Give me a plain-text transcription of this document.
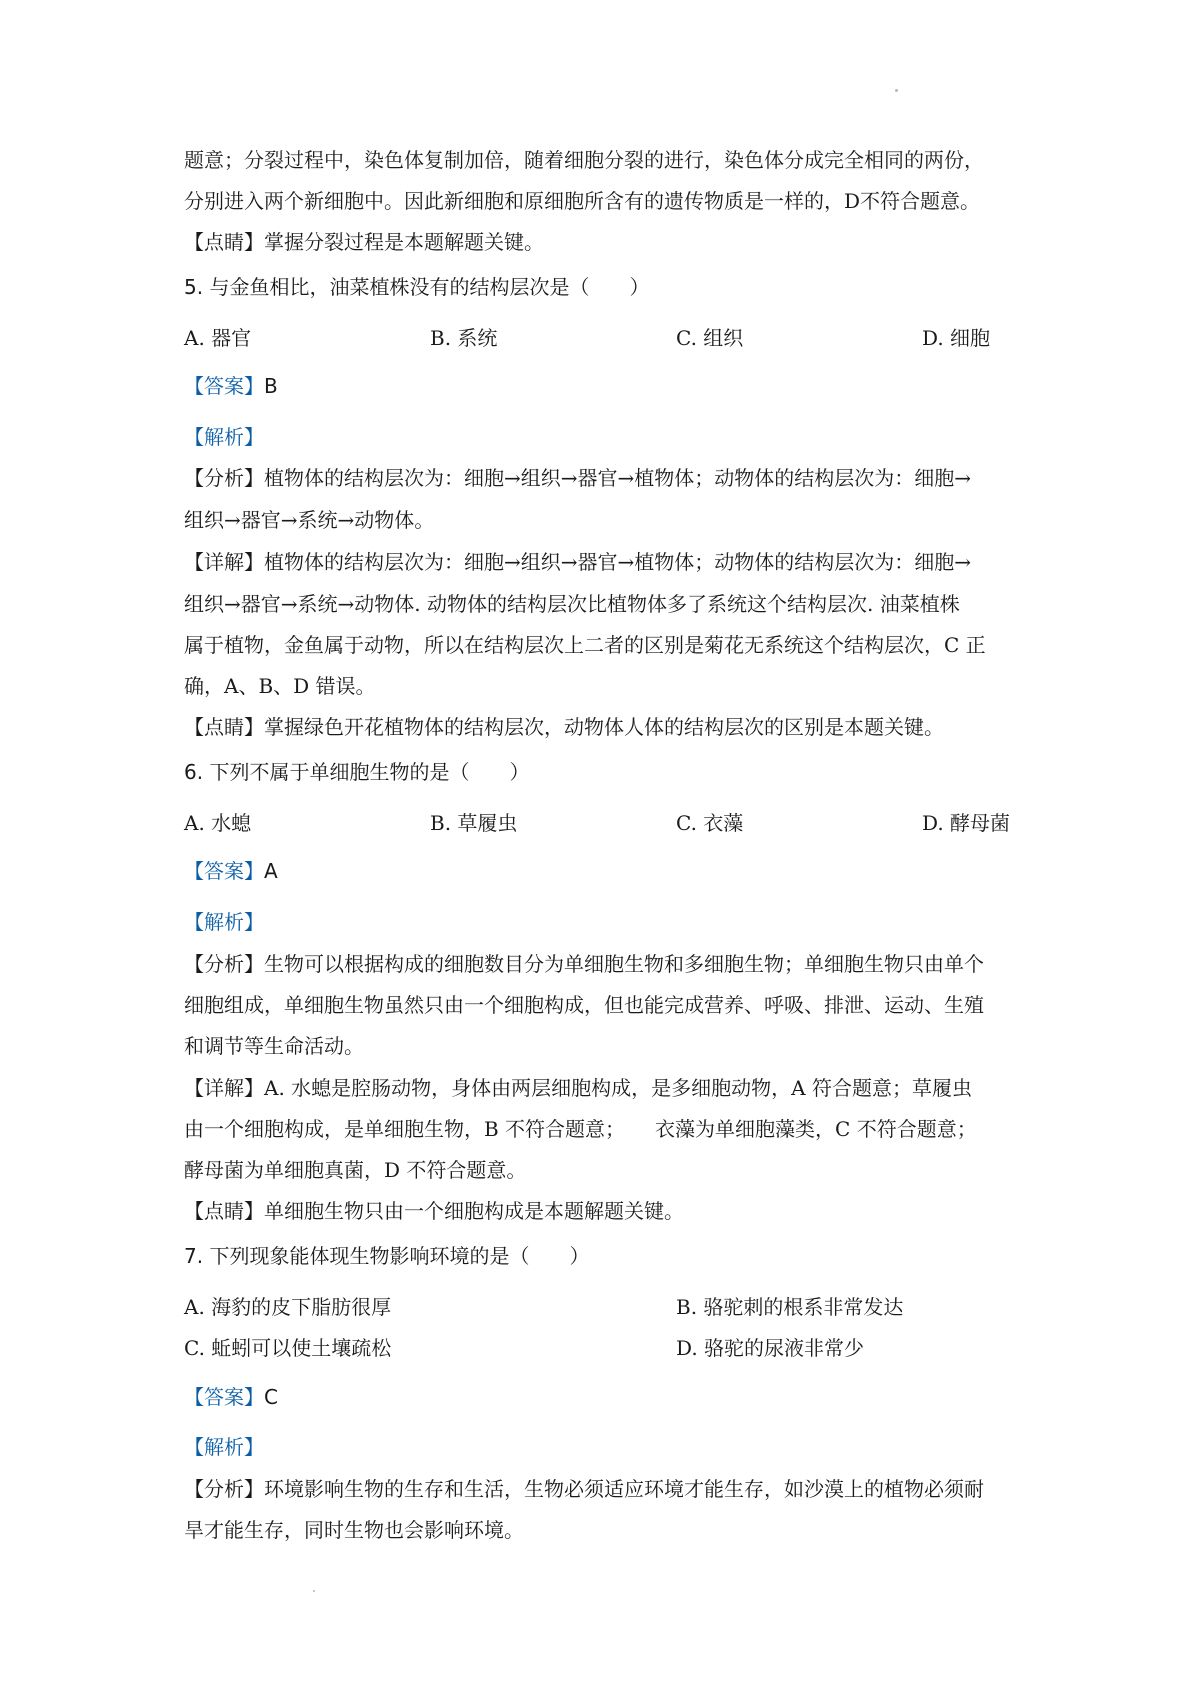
题意；分裂过程中，染色体复制加倍，随着细胞分裂的进行，染色体分成完全相同的两份，
分别进入两个新细胞中。因此新细胞和原细胞所含有的遗传物质是一样的，D不符合题意。
【点睛】掌握分裂过程是本题解题关键。
5. 与金鱼相比，油菜植株没有的结构层次是（　　）
A. 器官	B. 系统	C. 组织	D. 细胞
【答案】B
【解析】
【分析】植物体的结构层次为：细胞→组织→器官→植物体；动物体的结构层次为：细胞→
组织→器官→系统→动物体。
【详解】植物体的结构层次为：细胞→组织→器官→植物体；动物体的结构层次为：细胞→
组织→器官→系统→动物体. 动物体的结构层次比植物体多了系统这个结构层次. 油菜植株
属于植物，金鱼属于动物，所以在结构层次上二者的区别是菊花无系统这个结构层次，C 正
确，A、B、D 错误。
【点睛】掌握绿色开花植物体的结构层次，动物体人体的结构层次的区别是本题关键。
6. 下列不属于单细胞生物的是（　　）
A. 水螅	B. 草履虫	C. 衣藻	D. 酵母菌
【答案】A
【解析】
【分析】生物可以根据构成的细胞数目分为单细胞生物和多细胞生物；单细胞生物只由单个
细胞组成，单细胞生物虽然只由一个细胞构成，但也能完成营养、呼吸、排泄、运动、生殖
和调节等生命活动。
【详解】A. 水螅是腔肠动物，身体由两层细胞构成，是多细胞动物，A 符合题意；草履虫
由一个细胞构成，是单细胞生物，B 不符合题意；　　衣藻为单细胞藻类，C 不符合题意；
酵母菌为单细胞真菌，D 不符合题意。
【点睛】单细胞生物只由一个细胞构成是本题解题关键。
7. 下列现象能体现生物影响环境的是（　　）
A. 海豹的皮下脂肪很厚	B. 骆驼刺的根系非常发达
C. 蚯蚓可以使土壤疏松	D. 骆驼的尿液非常少
【答案】C
【解析】
【分析】环境影响生物的生存和生活，生物必须适应环境才能生存，如沙漠上的植物必须耐
旱才能生存，同时生物也会影响环境。
